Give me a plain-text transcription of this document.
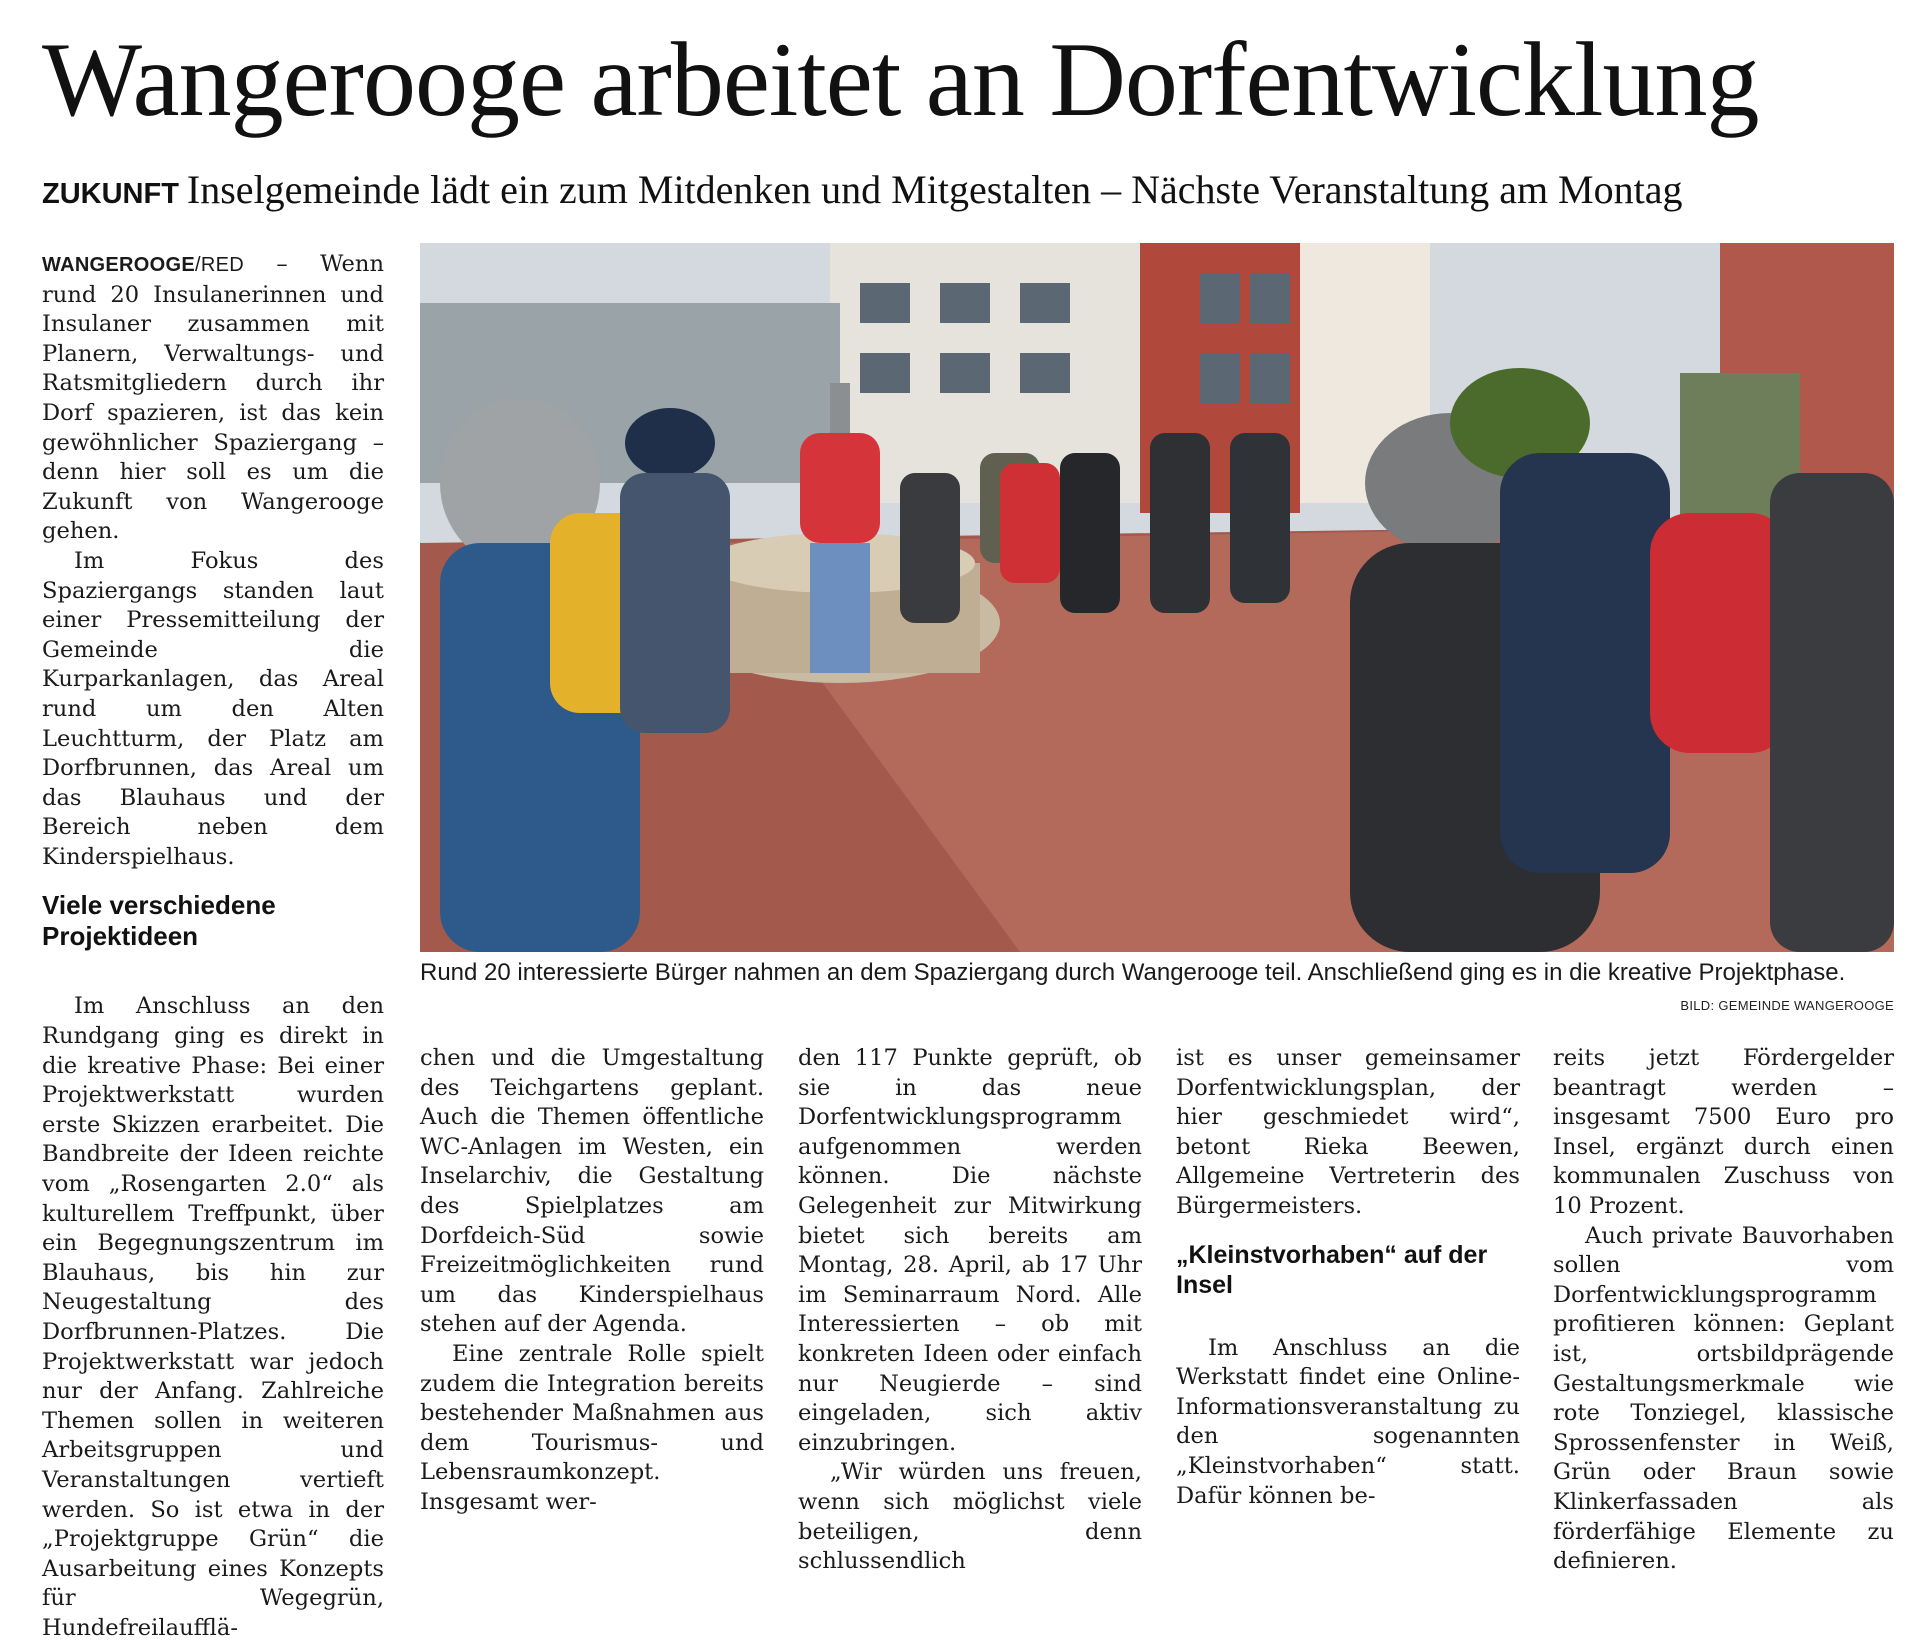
Wangerooge arbeitet an Dorfentwicklung
ZUKUNFT Inselgemeinde lädt ein zum Mitdenken und Mitgestalten – Nächste Veranstaltung am Montag

WANGEROOGE/RED – Wenn rund 20 Insulanerinnen und Insulaner zusammen mit Planern, Verwaltungs- und Ratsmitgliedern durch ihr Dorf spazieren, ist das kein gewöhnlicher Spaziergang – denn hier soll es um die Zukunft von Wangerooge gehen.

Im Fokus des Spaziergangs standen laut einer Pressemitteilung der Gemeinde die Kurparkanlagen, das Areal rund um den Alten Leuchtturm, der Platz am Dorfbrunnen, das Areal um das Blauhaus und der Bereich neben dem Kinderspielhaus.

Viele verschiedene Projektideen

Im Anschluss an den Rundgang ging es direkt in die kreative Phase: Bei einer Projektwerkstatt wurden erste Skizzen erarbeitet. Die Bandbreite der Ideen reichte vom „Rosengarten 2.0“ als kulturellem Treffpunkt, über ein Begegnungszentrum im Blauhaus, bis hin zur Neugestaltung des Dorfbrunnen-Platzes. Die Projektwerkstatt war jedoch nur der Anfang. Zahlreiche Themen sollen in weiteren Arbeitsgruppen und Veranstaltungen vertieft werden. So ist etwa in der „Projektgruppe Grün“ die Ausarbeitung eines Konzepts für Wegegrün, Hundefreilaufflä-

Rund 20 interessierte Bürger nahmen an dem Spaziergang durch Wangerooge teil. Anschließend ging es in die kreative Projektphase.
BILD: GEMEINDE WANGEROOGE

chen und die Umgestaltung des Teichgartens geplant. Auch die Themen öffentliche WC-Anlagen im Westen, ein Inselarchiv, die Gestaltung des Spielplatzes am Dorfdeich-Süd sowie Freizeitmöglichkeiten rund um das Kinderspielhaus stehen auf der Agenda.

Eine zentrale Rolle spielt zudem die Integration bereits bestehender Maßnahmen aus dem Tourismus- und Lebensraumkonzept. Insgesamt wer-

den 117 Punkte geprüft, ob sie in das neue Dorfentwicklungsprogramm aufgenommen werden können. Die nächste Gelegenheit zur Mitwirkung bietet sich bereits am Montag, 28. April, ab 17 Uhr im Seminarraum Nord. Alle Interessierten – ob mit konkreten Ideen oder einfach nur Neugierde – sind eingeladen, sich aktiv einzubringen.

„Wir würden uns freuen, wenn sich möglichst viele beteiligen, denn schlussendlich

ist es unser gemeinsamer Dorfentwicklungsplan, der hier geschmiedet wird“, betont Rieka Beewen, Allgemeine Vertreterin des Bürgermeisters.

„Kleinstvorhaben“ auf der Insel

Im Anschluss an die Werkstatt findet eine Online-Informationsveranstaltung zu den sogenannten „Kleinstvorhaben“ statt. Dafür können be-

reits jetzt Fördergelder beantragt werden – insgesamt 7500 Euro pro Insel, ergänzt durch einen kommunalen Zuschuss von 10 Prozent.

Auch private Bauvorhaben sollen vom Dorfentwicklungsprogramm profitieren können: Geplant ist, ortsbildprägende Gestaltungsmerkmale wie rote Tonziegel, klassische Sprossenfenster in Weiß, Grün oder Braun sowie Klinkerfassaden als förderfähige Elemente zu definieren.
